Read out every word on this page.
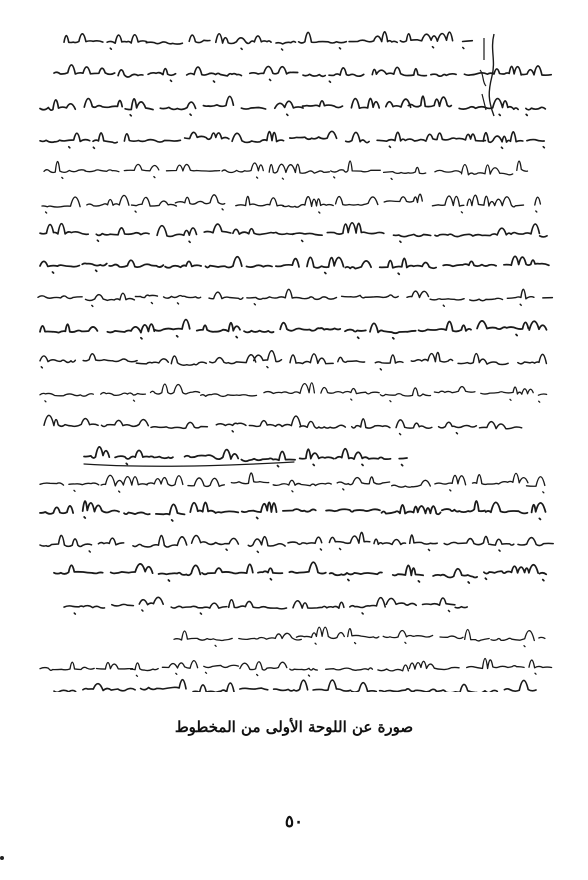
صورة عن اللوحة الأولى من المخطوط
٥٠
